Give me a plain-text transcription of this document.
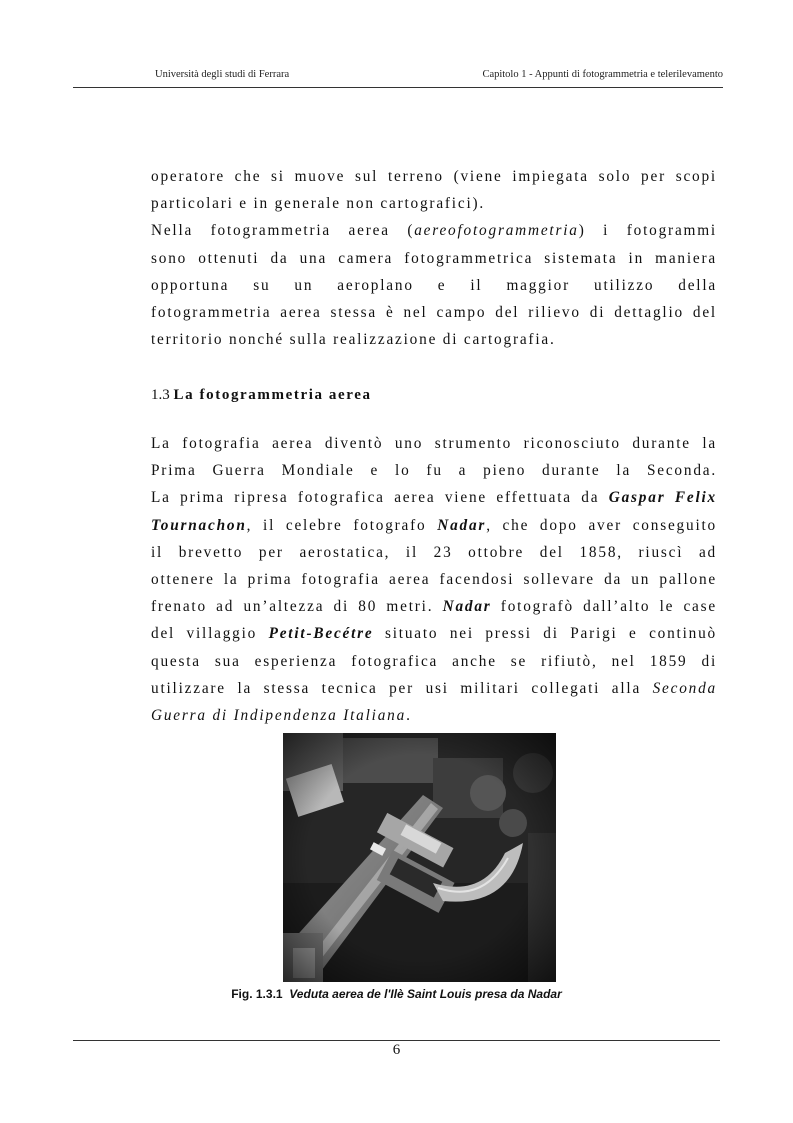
Università degli studi di Ferrara	Capitolo 1 - Appunti di fotogrammetria e telerilevamento
operatore che si muove sul terreno (viene impiegata solo per scopi
particolari e in generale non cartografici).
Nella fotogrammetria aerea (aereofotogrammetria) i fotogrammi
sono ottenuti da una camera fotogrammetrica sistemata in maniera
opportuna su un aeroplano e il maggior utilizzo della
fotogrammetria aerea stessa è nel campo del rilievo di dettaglio del
territorio nonché sulla realizzazione di cartografia.
1.3 La fotogrammetria aerea
La fotografia aerea diventò uno strumento riconosciuto durante la
Prima Guerra Mondiale e lo fu a pieno durante la Seconda.
La prima ripresa fotografica aerea viene effettuata da Gaspar Felix
Tournachon, il celebre fotografo Nadar, che dopo aver conseguito
il brevetto per aerostatica, il 23 ottobre del 1858, riuscì ad
ottenere la prima fotografia aerea facendosi sollevare da un pallone
frenato ad un’altezza di 80 metri. Nadar fotografò dall’alto le case
del villaggio Petit-Becétre situato nei pressi di Parigi e continuò
questa sua esperienza fotografica anche se rifiutò, nel 1859 di
utilizzare la stessa tecnica per usi militari collegati alla Seconda
Guerra di Indipendenza Italiana.
Fig. 1.3.1 Veduta aerea de l'Ilè Saint Louis presa da Nadar
6
